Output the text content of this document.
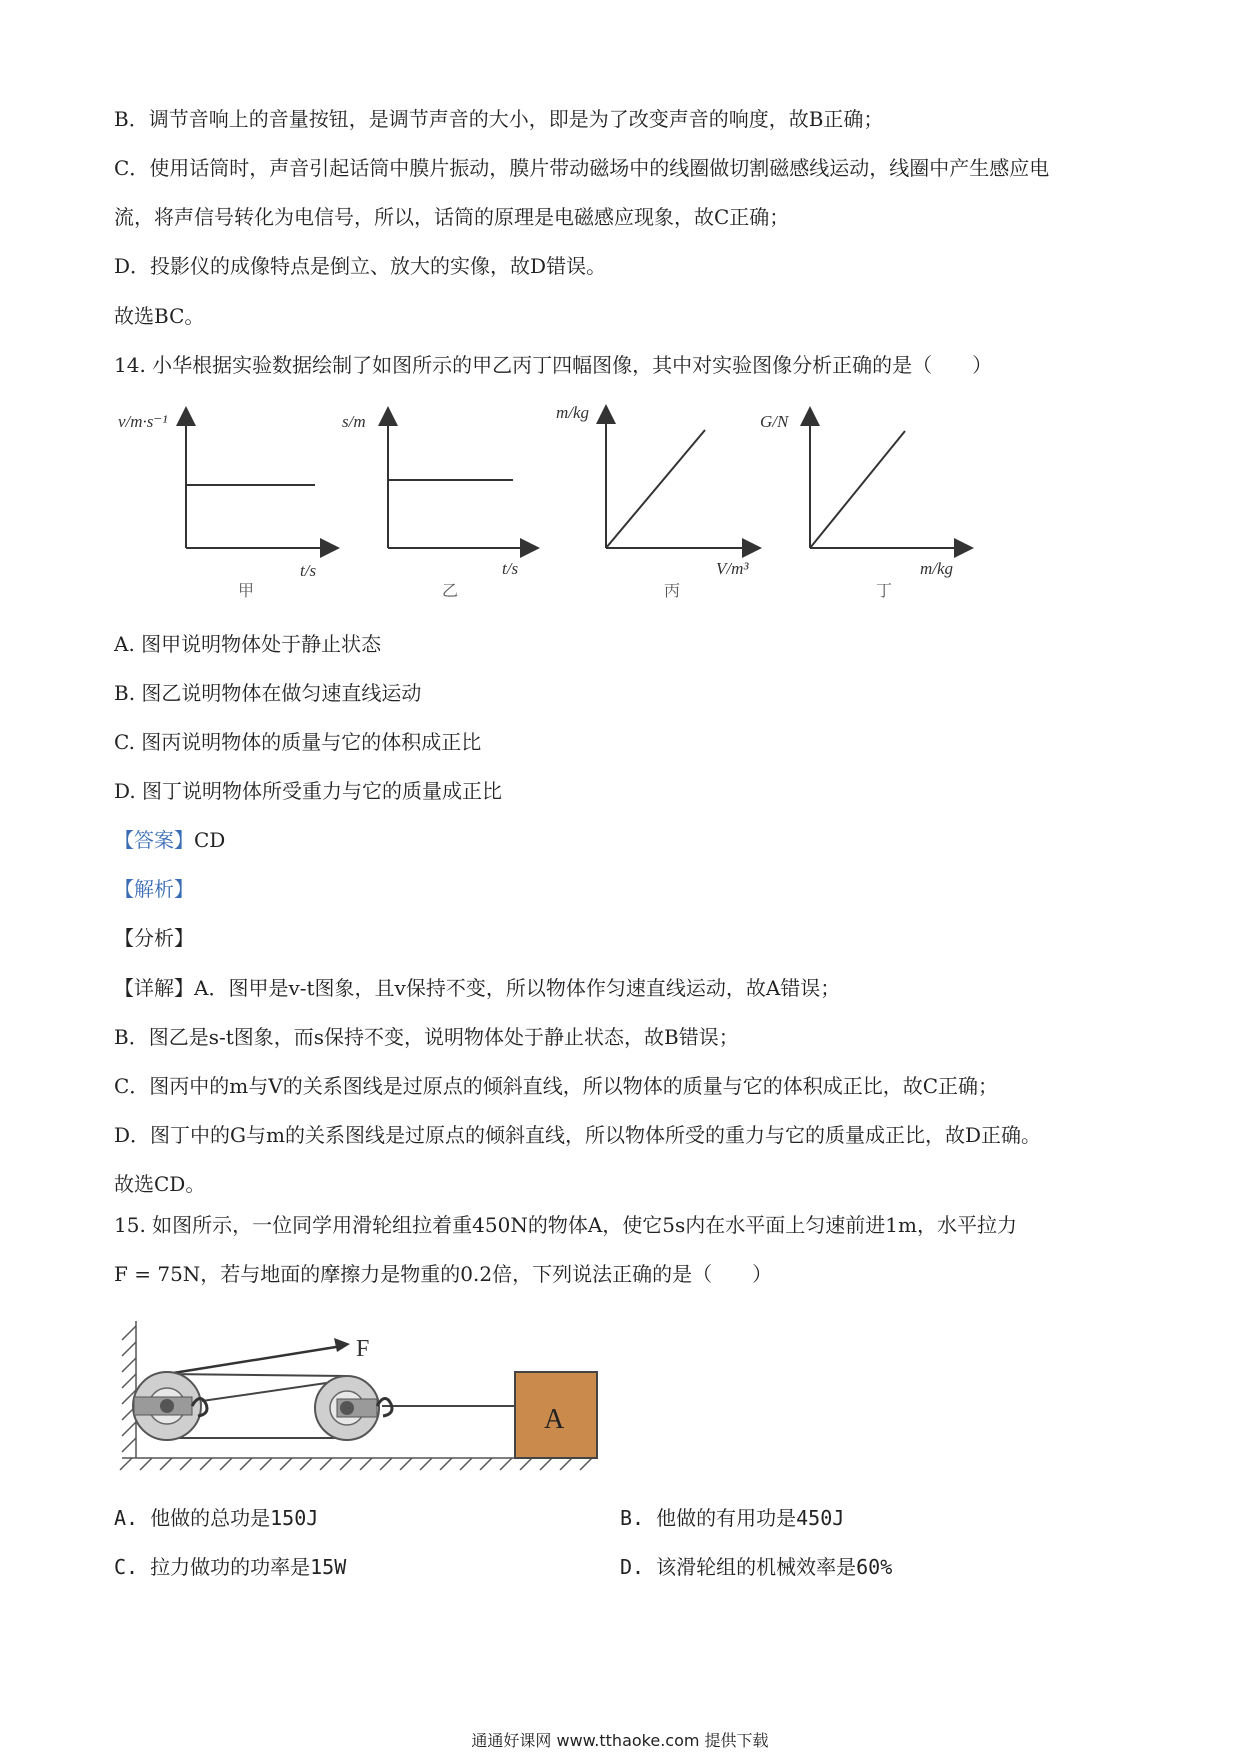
B．调节音响上的音量按钮，是调节声音的大小，即是为了改变声音的响度，故B正确；
C．使用话筒时，声音引起话筒中膜片振动，膜片带动磁场中的线圈做切割磁感线运动，线圈中产生感应电
流，将声信号转化为电信号，所以，话筒的原理是电磁感应现象，故C正确；
D．投影仪的成像特点是倒立、放大的实像，故D错误。
故选BC。
14. 小华根据实验数据绘制了如图所示的甲乙丙丁四幅图像，其中对实验图像分析正确的是（　　）
v/m·s⁻¹
t/s
甲
s/m
t/s
乙
m/kg
V/m³
丙
G/N
m/kg
丁
A. 图甲说明物体处于静止状态
B. 图乙说明物体在做匀速直线运动
C. 图丙说明物体的质量与它的体积成正比
D. 图丁说明物体所受重力与它的质量成正比
【答案】CD
【解析】
【分析】
【详解】A．图甲是v-t图象，且v保持不变，所以物体作匀速直线运动，故A错误；
B．图乙是s-t图象，而s保持不变，说明物体处于静止状态，故B错误；
C．图丙中的m与V的关系图线是过原点的倾斜直线，所以物体的质量与它的体积成正比，故C正确；
D．图丁中的G与m的关系图线是过原点的倾斜直线，所以物体所受的重力与它的质量成正比，故D正确。
故选CD。
15. 如图所示，一位同学用滑轮组拉着重450N的物体A，使它5s内在水平面上匀速前进1m，水平拉力
F = 75N，若与地面的摩擦力是物重的0.2倍，下列说法正确的是（　　）
F
A
A. 他做的总功是150J	B. 他做的有用功是450J
C. 拉力做功的功率是15W	D. 该滑轮组的机械效率是60%
通通好课网 www.tthaoke.com 提供下载
